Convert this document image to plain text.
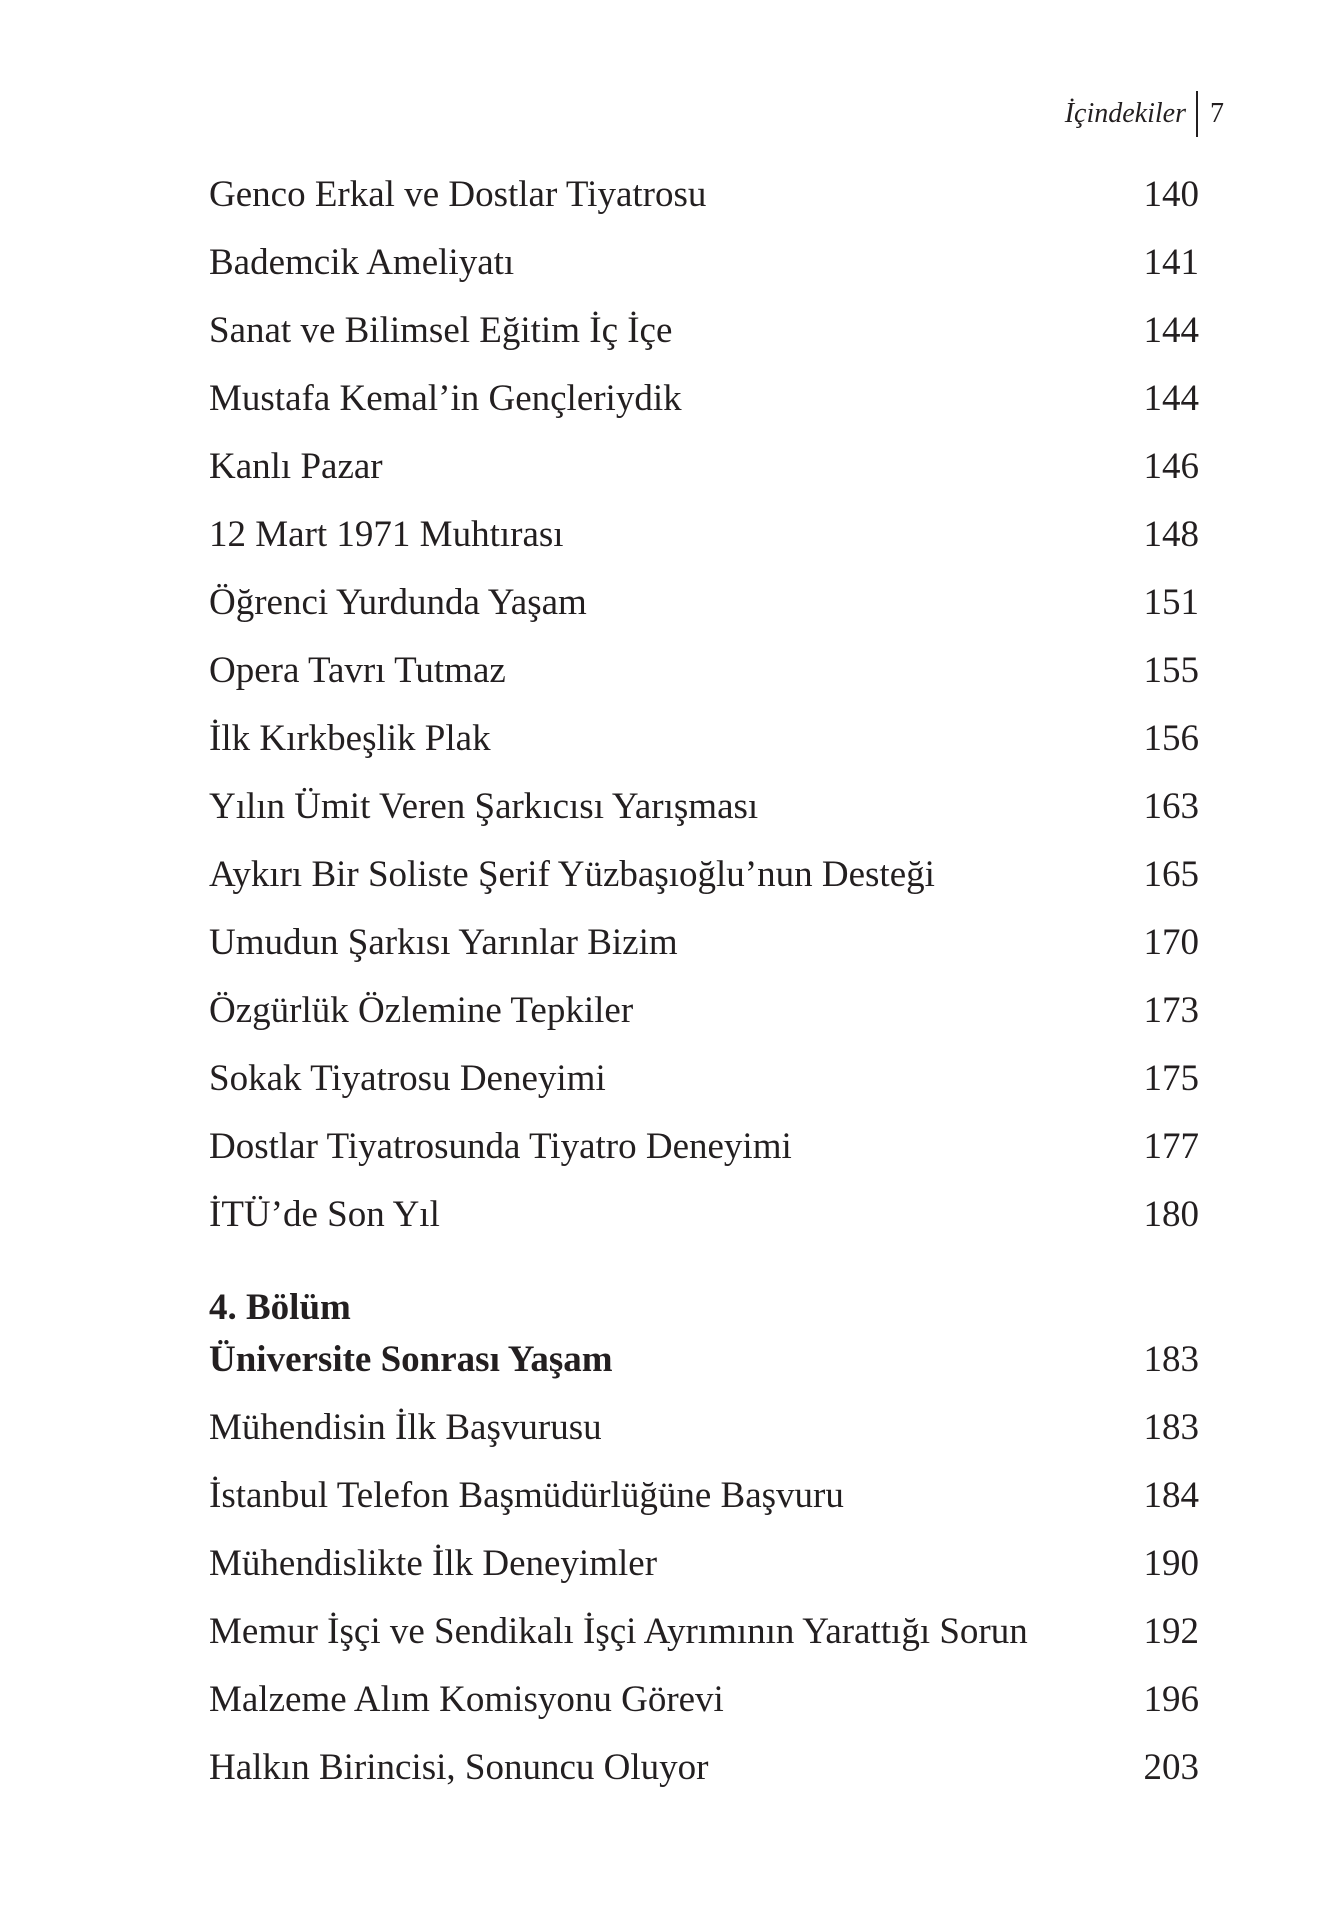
İçindekiler 7
Genco Erkal ve Dostlar Tiyatrosu	140
Bademcik Ameliyatı	141
Sanat ve Bilimsel Eğitim İç İçe	144
Mustafa Kemal’in Gençleriydik	144
Kanlı Pazar	146
12 Mart 1971 Muhtırası	148
Öğrenci Yurdunda Yaşam	151
Opera Tavrı Tutmaz	155
İlk Kırkbeşlik Plak	156
Yılın Ümit Veren Şarkıcısı Yarışması	163
Aykırı Bir Soliste Şerif Yüzbaşıoğlu’nun Desteği	165
Umudun Şarkısı Yarınlar Bizim	170
Özgürlük Özlemine Tepkiler	173
Sokak Tiyatrosu Deneyimi	175
Dostlar Tiyatrosunda Tiyatro Deneyimi	177
İTÜ’de Son Yıl	180
4. Bölüm
Üniversite Sonrası Yaşam	183
Mühendisin İlk Başvurusu	183
İstanbul Telefon Başmüdürlüğüne Başvuru	184
Mühendislikte İlk Deneyimler	190
Memur İşçi ve Sendikalı İşçi Ayrımının Yarattığı Sorun	192
Malzeme Alım Komisyonu Görevi	196
Halkın Birincisi, Sonuncu Oluyor	203
